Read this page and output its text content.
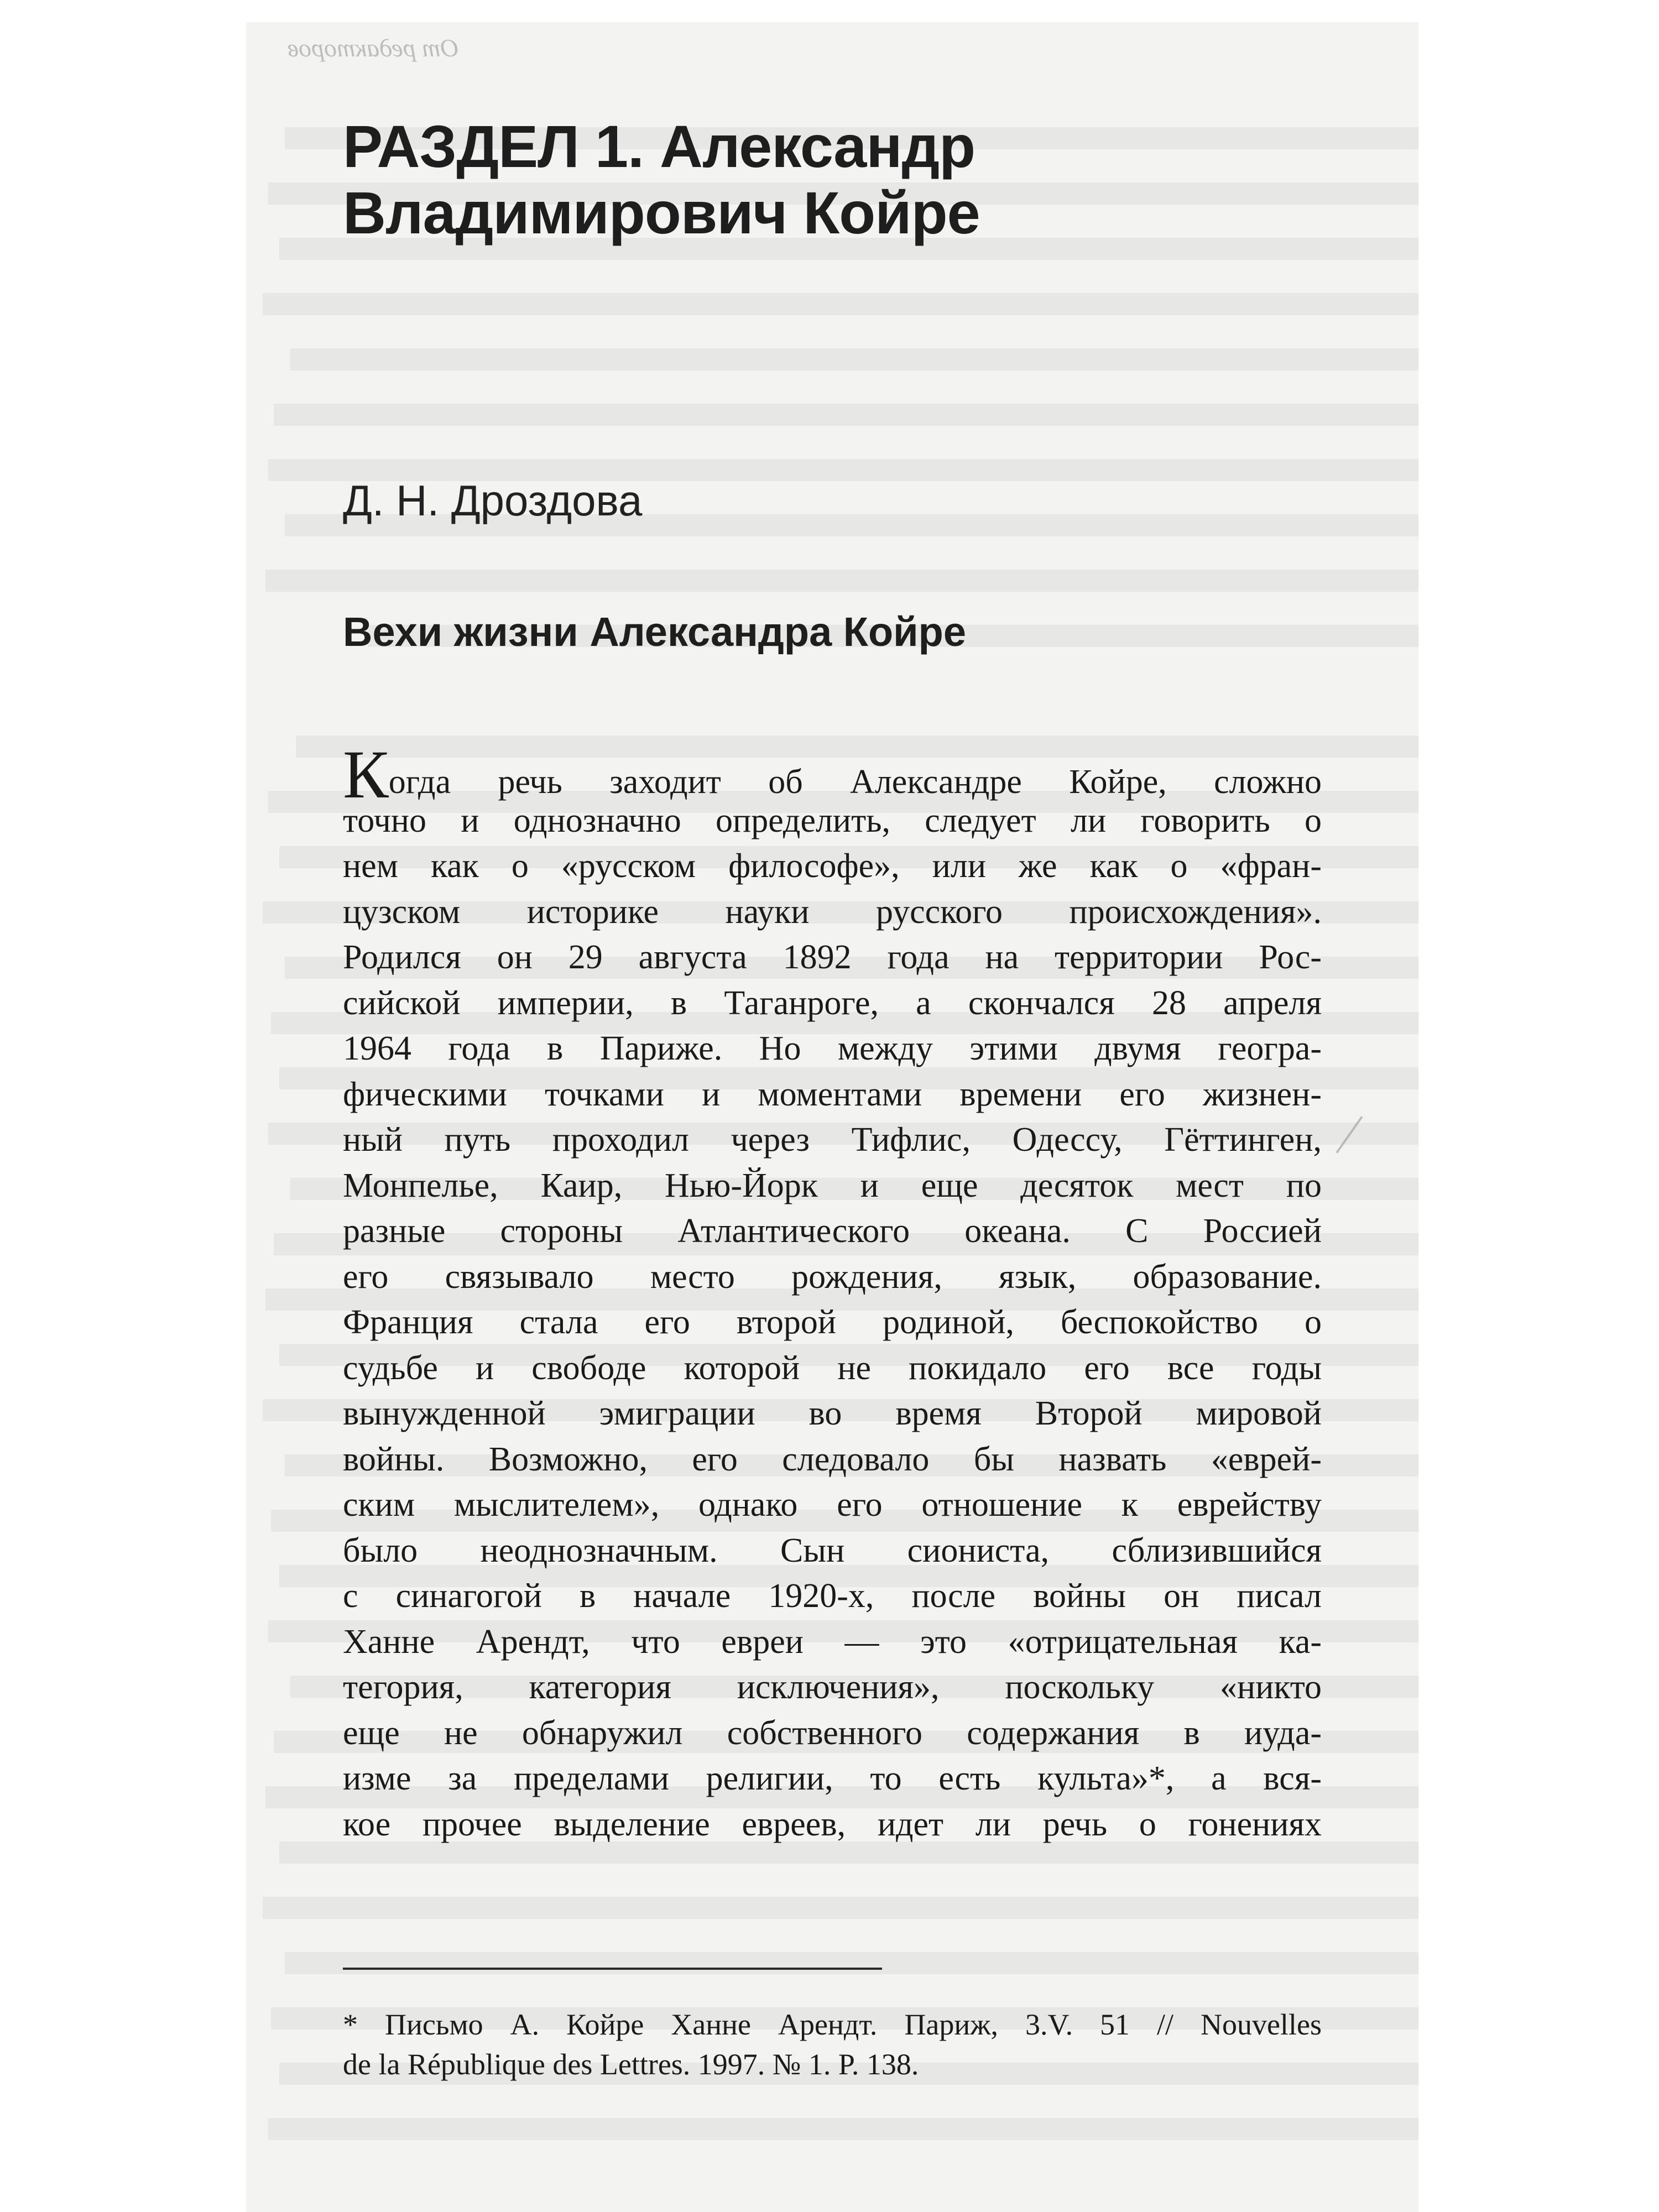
От редакторов
РАЗДЕЛ 1. Александр
Владимирович Койре
Д. Н. Дроздова
Вехи жизни Александра Койре
Когда речь заходит об Александре Койре, сложно
точно и однозначно определить, следует ли говорить о
нем как о «русском философе», или же как о «фран-
цузском историке науки русского происхождения».
Родился он 29 августа 1892 года на территории Рос-
сийской империи, в Таганроге, а скончался 28 апреля
1964 года в Париже. Но между этими двумя геогра-
фическими точками и моментами времени его жизнен-
ный путь проходил через Тифлис, Одессу, Гёттинген,
Монпелье, Каир, Нью-Йорк и еще десяток мест по
разные стороны Атлантического океана. С Россией
его связывало место рождения, язык, образование.
Франция стала его второй родиной, беспокойство о
судьбе и свободе которой не покидало его все годы
вынужденной эмиграции во время Второй мировой
войны. Возможно, его следовало бы назвать «еврей-
ским мыслителем», однако его отношение к еврейству
было неоднозначным. Сын сиониста, сблизившийся
с синагогой в начале 1920-х, после войны он писал
Ханне Арендт, что евреи — это «отрицательная ка-
тегория, категория исключения», поскольку «никто
еще не обнаружил собственного содержания в иуда-
изме за пределами религии, то есть культа»*, а вся-
кое прочее выделение евреев, идет ли речь о гонениях
* Письмо А. Койре Ханне Арендт. Париж, 3.V. 51 // Nouvelles
de la République des Lettres. 1997. № 1. P. 138.
